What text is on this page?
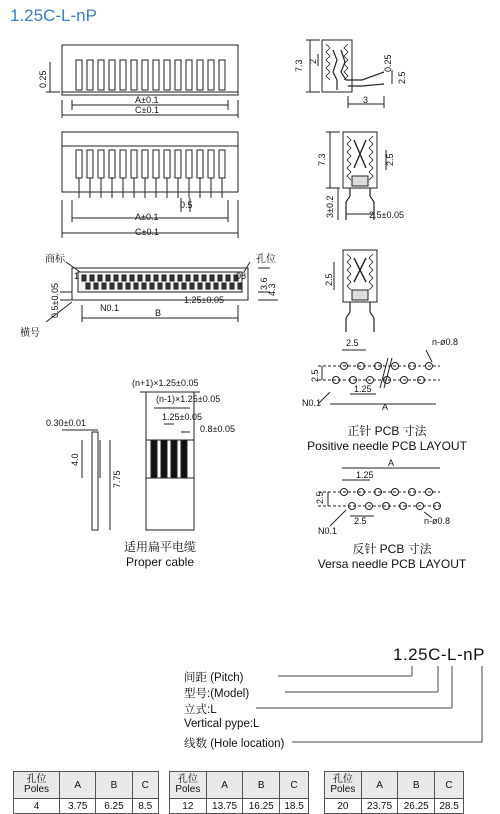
1.25C-L-nP
0.25
A±0.1
C±0.1
0.5
A±0.1
C±0.1
商标	孔位
1	08
3.6
4.3
0.5±0.05	N0.1
1.25±0.05
B
横号
7.3 2	0.25
2.5
3
7.3	2.5
3±0.2	2.5±0.05
2.5
(n+1)×1.25±0.05
(n-1)×1.25±0.05
1.25±0.05
0.8±0.05
0.30±0.01
4.0
7.75
2.5	n-ø0.8
2.5
1.25
N0.1	A
A
1.25
2.5
N0.1
2.5	n-ø0.8
适用扁平电缆
Proper cable
正针 PCB 寸法
Positive needle PCB LAYOUT
反针 PCB 寸法
Versa needle PCB LAYOUT
1.25C-L-nP
间距 (Pitch)
型号:(Model)
立式:L
Vertical pype:L
线数 (Hole location)
孔位
Poles	A	B	C
4	3.75	6.25	8.5
孔位
Poles	A	B	C
12	13.75	16.25	18.5
孔位
Poles	A	B	C
20	23.75	26.25	28.5
